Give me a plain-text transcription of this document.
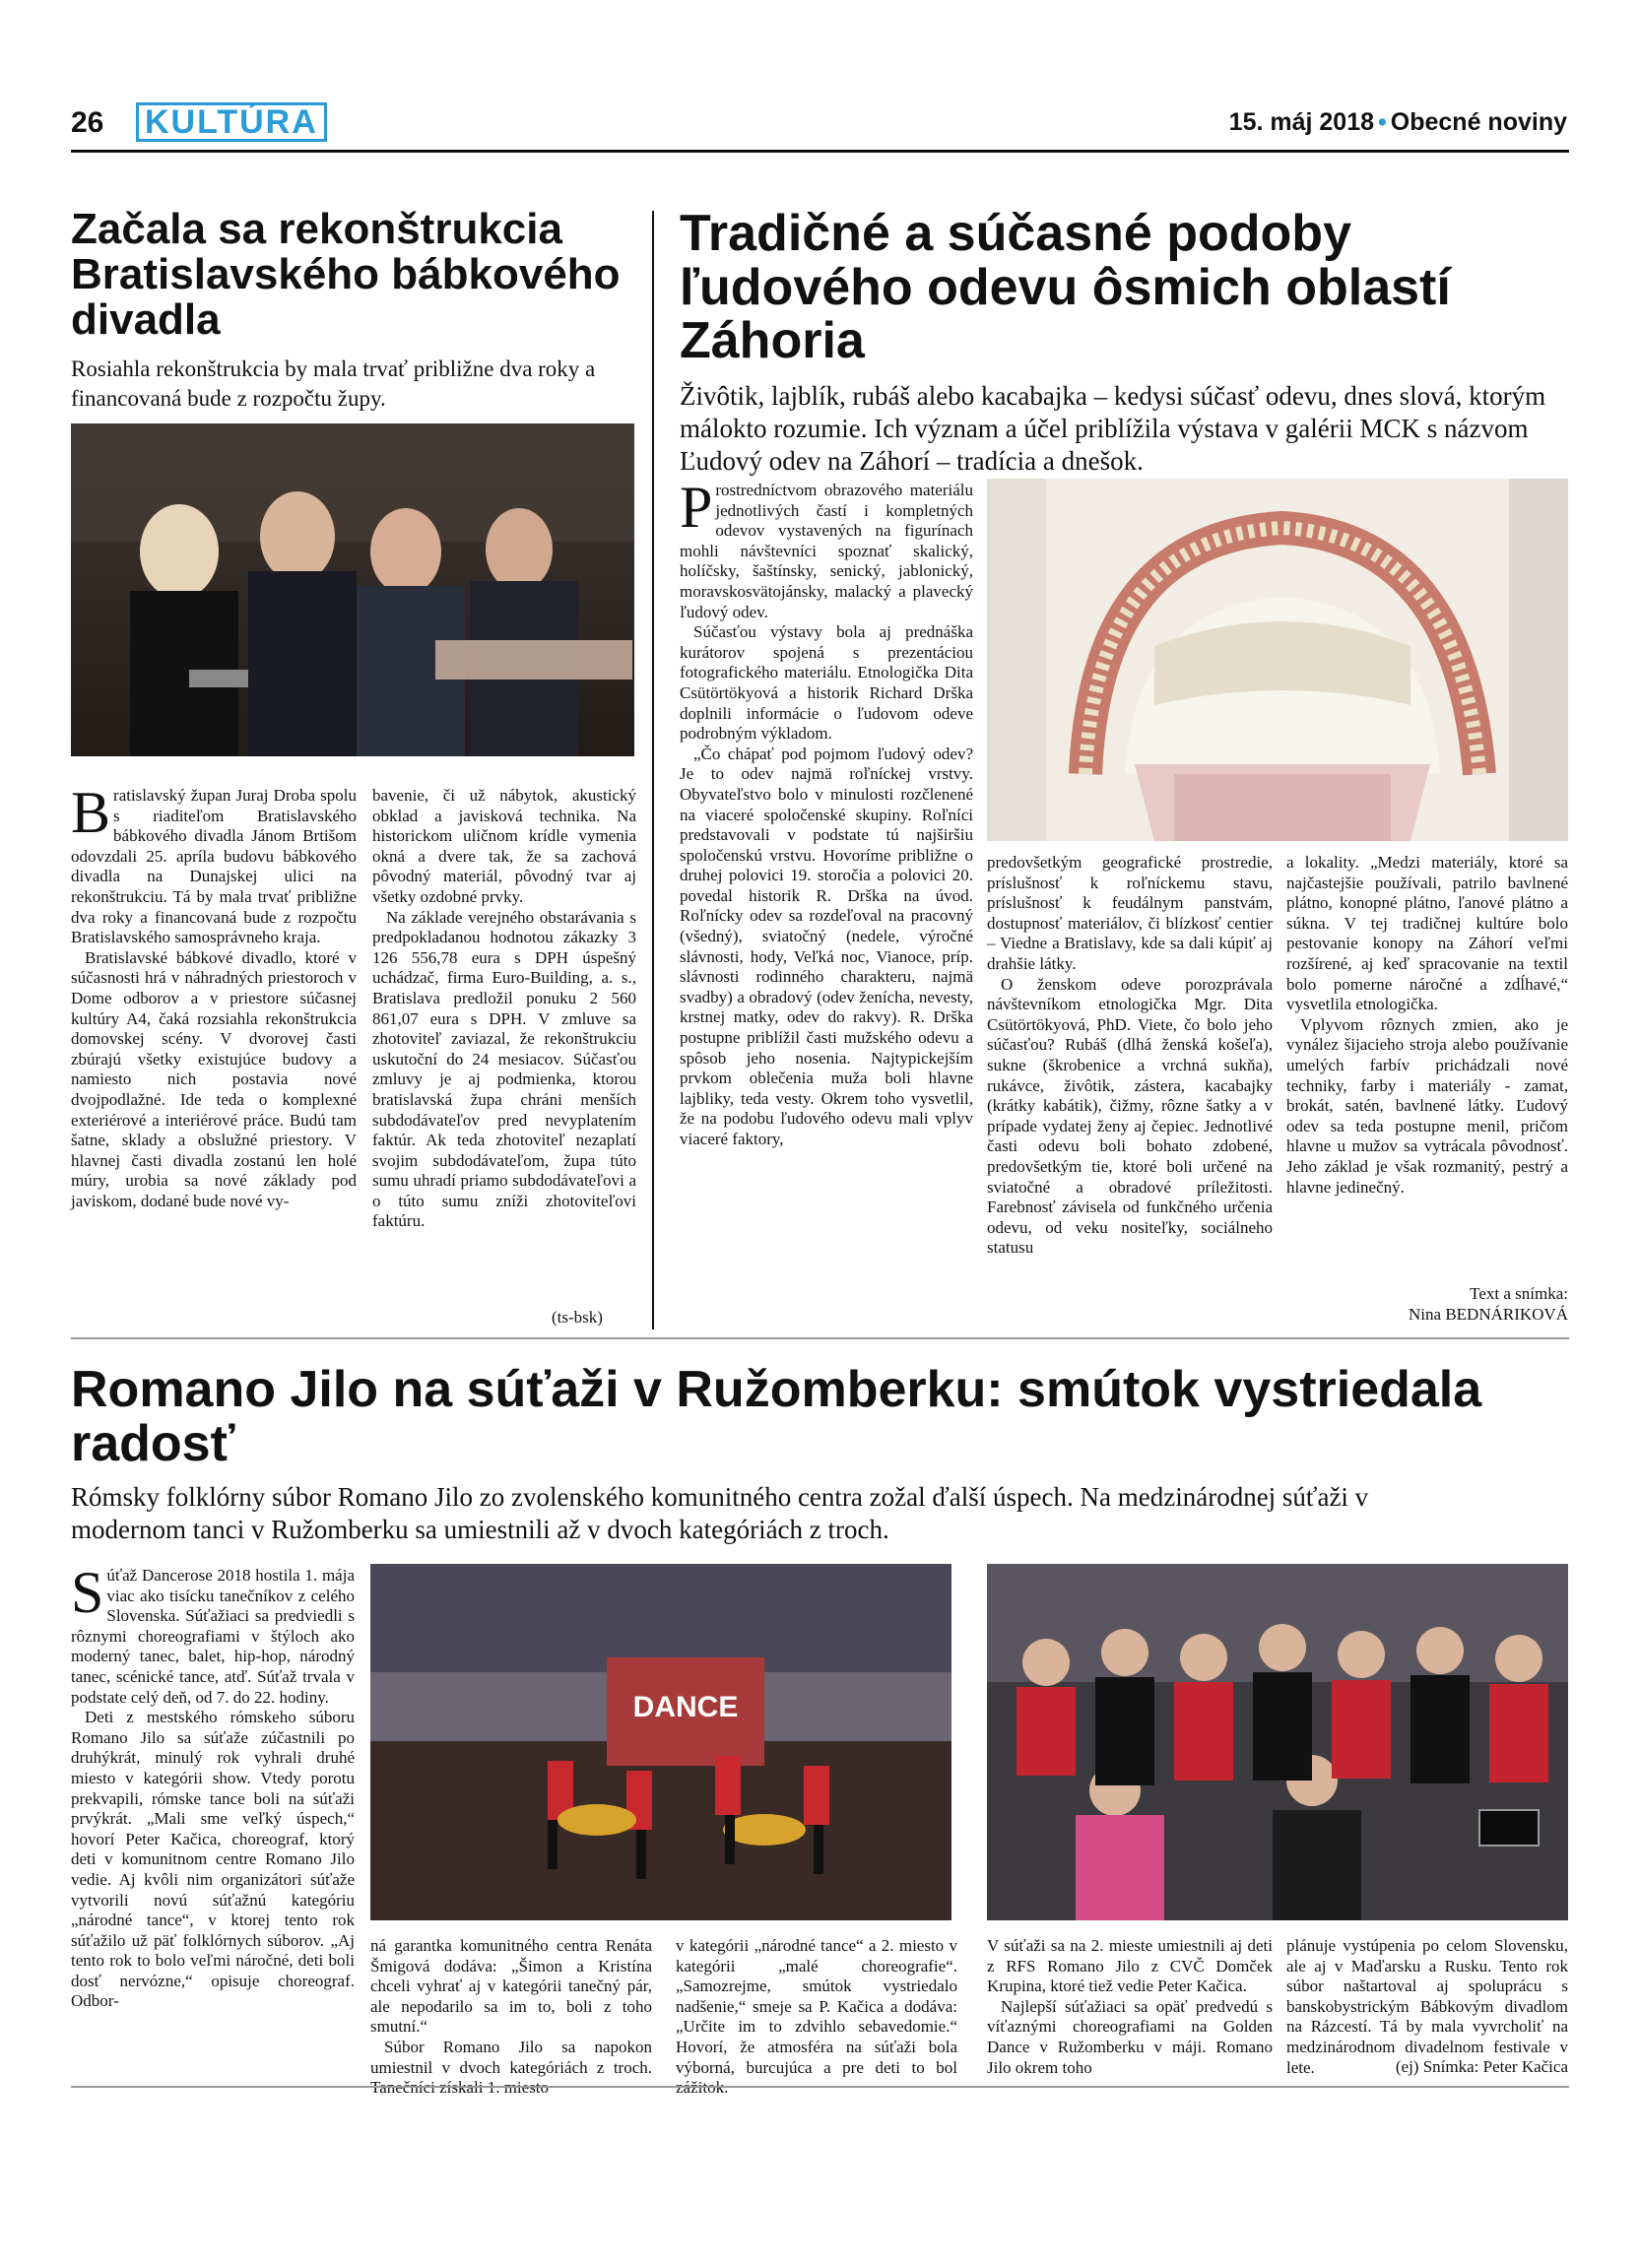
26 KULTÚRA	15. máj 2018 • Obecné noviny
Začala sa rekonštrukcia Bratislavského bábkového divadla
Rosiahla rekonštrukcia by mala trvať približne dva roky a financovaná bude z rozpočtu župy.

Bratislavský župan Juraj Droba spolu s riaditeľom Bratislavského bábkového divadla Jánom Brtišom odovzdali 25. apríla budovu bábkového divadla na Dunajskej ulici na rekonštrukciu. Tá by mala trvať približne dva roky a financovaná bude z rozpočtu Bratislavského samosprávneho kraja.

Bratislavské bábkové divadlo, ktoré v súčasnosti hrá v náhradných priestoroch v Dome odborov a v priestore súčasnej kultúry A4, čaká rozsiahla rekonštrukcia domovskej scény. V dvorovej časti zbúrajú všetky existujúce budovy a namiesto nich postavia nové dvojpodlažné. Ide teda o komplexné exteriérové a interiérové práce. Budú tam šatne, sklady a obslužné priestory. V hlavnej časti divadla zostanú len holé múry, urobia sa nové základy pod javiskom, dodané bude nové vy-

bavenie, či už nábytok, akustický obklad a javisková technika. Na historickom uličnom krídle vymenia okná a dvere tak, že sa zachová pôvodný materiál, pôvodný tvar aj všetky ozdobné prvky.

Na základe verejného obstarávania s predpokladanou hodnotou zákazky 3 126 556,78 eura s DPH úspešný uchádzač, firma Euro-Building, a. s., Bratislava predložil ponuku 2 560 861,07 eura s DPH. V zmluve sa zhotoviteľ zaviazal, že rekonštrukciu uskutoční do 24 mesiacov. Súčasťou zmluvy je aj podmienka, ktorou bratislavská župa chráni menších subdodávateľov pred nevyplatením faktúr. Ak teda zhotoviteľ nezaplatí svojim subdodávateľom, župa túto sumu uhradí priamo subdodávateľovi a o túto sumu zníži zhotoviteľovi faktúru.

(ts-bsk)
Tradičné a súčasné podoby ľudového odevu ôsmich oblastí Záhoria
Živôtik, lajblík, rubáš alebo kacabajka – kedysi súčasť odevu, dnes slová, ktorým málokto rozumie. Ich význam a účel priblížila výstava v galérii MCK s názvom Ľudový odev na Záhorí – tradícia a dnešok.

Prostredníctvom obrazového materiálu jednotlivých častí i kompletných odevov vystavených na figurínach mohli návštevníci spoznať skalický, holíčsky, šaštínsky, senický, jablonický, moravskosvätojánsky, malacký a plavecký ľudový odev.

Súčasťou výstavy bola aj prednáška kurátorov spojená s prezentáciou fotografického materiálu. Etnologička Dita Csütörtökyová a historik Richard Drška doplnili informácie o ľudovom odeve podrobným výkladom.

„Čo chápať pod pojmom ľudový odev? Je to odev najmä roľníckej vrstvy. Obyvateľstvo bolo v minulosti rozčlenené na viaceré spoločenské skupiny. Roľníci predstavovali v podstate tú najširšiu spoločenskú vrstvu. Hovoríme približne o druhej polovici 19. storočia a polovici 20. povedal historik R. Drška na úvod. Roľnícky odev sa rozdeľoval na pracovný (všedný), sviatočný (nedele, výročné slávnosti, hody, Veľká noc, Vianoce, príp. slávnosti rodinného charakteru, najmä svadby) a obradový (odev ženícha, nevesty, krstnej matky, odev do rakvy). R. Drška postupne priblížil časti mužského odevu a spôsob jeho nosenia. Najtypickejším prvkom oblečenia muža boli hlavne lajbliky, teda vesty. Okrem toho vysvetlil, že na podobu ľudového odevu mali vplyv viaceré faktory,

predovšetkým geografické prostredie, príslušnosť k roľníckemu stavu, príslušnosť k feudálnym panstvám, dostupnosť materiálov, či blízkosť centier – Viedne a Bratislavy, kde sa dali kúpiť aj drahšie látky.

O ženskom odeve porozprávala návštevníkom etnologička Mgr. Dita Csütörtökyová, PhD. Viete, čo bolo jeho súčasťou? Rubáš (dlhá ženská košeľa), sukne (škrobenice a vrchná sukňa), rukávce, živôtik, zástera, kacabajky (krátky kabátik), čižmy, rôzne šatky a v prípade vydatej ženy aj čepiec. Jednotlivé časti odevu boli bohato zdobené, predovšetkým tie, ktoré boli určené na sviatočné a obradové príležitosti. Farebnosť závisela od funkčného určenia odevu, od veku nositeľky, sociálneho statusu

a lokality. „Medzi materiály, ktoré sa najčastejšie používali, patrilo bavlnené plátno, konopné plátno, ľanové plátno a súkna. V tej tradičnej kultúre bolo pestovanie konopy na Záhorí veľmi rozšírené, aj keď spracovanie na textil bolo pomerne náročné a zdĺhavé,“ vysvetlila etnologička.

Vplyvom rôznych zmien, ako je vynález šijacieho stroja alebo používanie umelých farbív prichádzali nové techniky, farby i materiály - zamat, brokát, satén, bavlnené látky. Ľudový odev sa teda postupne menil, pričom hlavne u mužov sa vytrácala pôvodnosť. Jeho základ je však rozmanitý, pestrý a hlavne jedinečný.

Text a snímka:
Nina BEDNÁRIKOVÁ
Romano Jilo na súťaži v Ružomberku: smútok vystriedala radosť
Rómsky folklórny súbor Romano Jilo zo zvolenského komunitného centra zožal ďalší úspech. Na medzinárodnej súťaži v modernom tanci v Ružomberku sa umiestnili až v dvoch kategóriách z troch.

Súťaž Dancerose 2018 hostila 1. mája viac ako tisícku tanečníkov z celého Slovenska. Súťažiaci sa predviedli s rôznymi choreografiami v štýloch ako moderný tanec, balet, hip-hop, národný tanec, scénické tance, atď. Súťaž trvala v podstate celý deň, od 7. do 22. hodiny.

Deti z mestského rómskeho súboru Romano Jilo sa súťaže zúčastnili po druhýkrát, minulý rok vyhrali druhé miesto v kategórii show. Vtedy porotu prekvapili, rómske tance boli na súťaži prvýkrát. „Mali sme veľký úspech,“ hovorí Peter Kačica, choreograf, ktorý deti v komunitnom centre Romano Jilo vedie. Aj kvôli nim organizátori súťaže vytvorili novú súťažnú kategóriu „národné tance“, v ktorej tento rok súťažilo už päť folklórnych súborov. „Aj tento rok to bolo veľmi náročné, deti boli dosť nervózne,“ opisuje choreograf. Odbor-

DANCE

ná garantka komunitného centra Renáta Šmigová dodáva: „Šimon a Kristína chceli vyhrať aj v kategórii tanečný pár, ale nepodarilo sa im to, boli z toho smutní.“

Súbor Romano Jilo sa napokon umiestnil v dvoch kategóriách z troch.

v kategórii „národné tance“ a 2. miesto v kategórii „malé choreografie“. „Samozrejme, smútok vystriedalo nadšenie,“ smeje sa P. Kačica a dodáva: „Určite im to zdvihlo sebavedomie.“ Hovorí, že atmosféra na súťaži bola výborná, burcujúca a pre deti to bol

V súťaži sa na 2. mieste umiestnili aj deti z RFS Romano Jilo z CVČ Domček Krupina, ktoré tiež vedie Peter Kačica.

Najlepší súťažiaci sa opäť predvedú s víťaznými choreografiami na Golden Dance v Ružomberku v máji. Romano Jilo okrem toho

plánuje vystúpenia po celom Slovensku, ale aj v Maďarsku a Rusku. Tento rok súbor naštartoval aj spoluprácu s banskobystrickým Bábkovým divadlom na Rázcestí. Tá by mala vyvrcholiť na medzinárodnom divadelnom festivale v lete.	(ej) Snímka: Peter Kačica
